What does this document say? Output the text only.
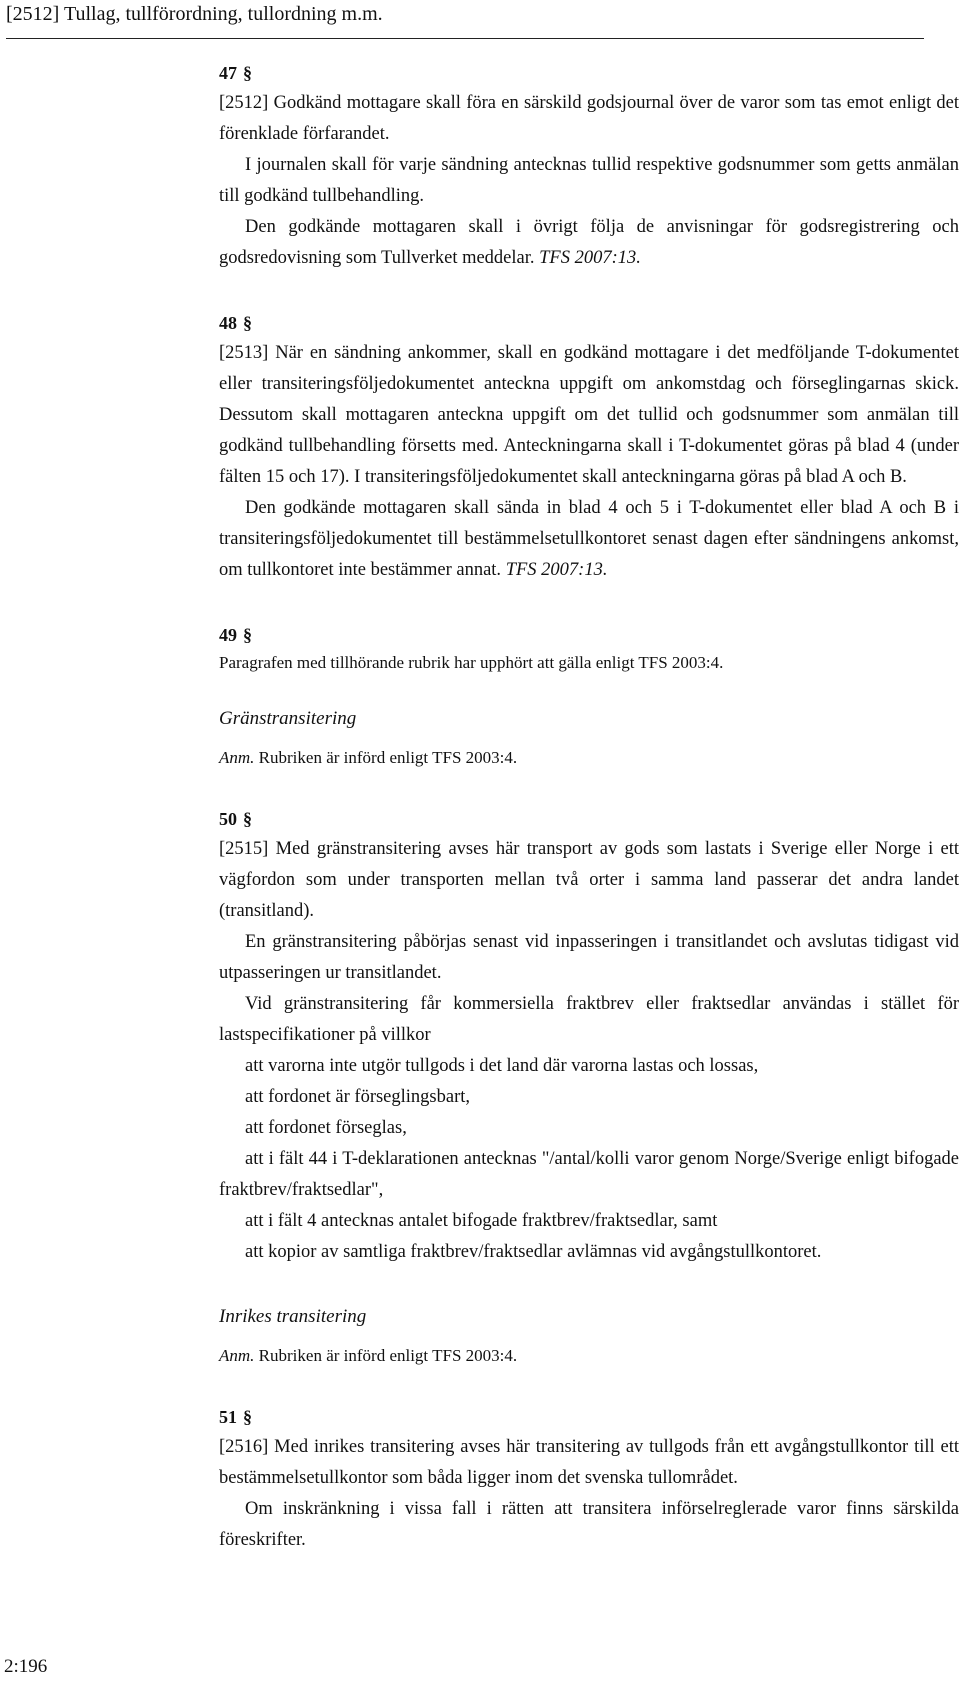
[2512] Tullag, tullförordning, tullordning m.m.
47 §

[2512] Godkänd mottagare skall föra en särskild godsjournal över de varor som tas emot enligt det förenklade förfarandet.

I journalen skall för varje sändning antecknas tullid respektive godsnummer som getts anmälan till godkänd tullbehandling.

Den godkände mottagaren skall i övrigt följa de anvisningar för godsregistrering och godsredovisning som Tullverket meddelar. TFS 2007:13.

48 §

[2513] När en sändning ankommer, skall en godkänd mottagare i det medföljande T-dokumentet eller transiteringsföljedokumentet anteckna uppgift om ankomstdag och förseglingarnas skick. Dessutom skall mottagaren anteckna uppgift om det tullid och godsnummer som anmälan till godkänd tullbehandling försetts med. Anteckningarna skall i T-dokumentet göras på blad 4 (under fälten 15 och 17). I transiteringsföljedokumentet skall anteckningarna göras på blad A och B.

Den godkände mottagaren skall sända in blad 4 och 5 i T-dokumentet eller blad A och B i transiteringsföljedokumentet till bestämmelsetullkontoret senast dagen efter sändningens ankomst, om tullkontoret inte bestämmer annat. TFS 2007:13.

49 §

Paragrafen med tillhörande rubrik har upphört att gälla enligt TFS 2003:4.

Gränstransitering

Anm. Rubriken är införd enligt TFS 2003:4.

50 §

[2515] Med gränstransitering avses här transport av gods som lastats i Sverige eller Norge i ett vägfordon som under transporten mellan två orter i samma land passerar det andra landet (transitland).

En gränstransitering påbörjas senast vid inpasseringen i transitlandet och avslutas tidigast vid utpasseringen ur transitlandet.

Vid gränstransitering får kommersiella fraktbrev eller fraktsedlar användas i stället för lastspecifikationer på villkor

att varorna inte utgör tullgods i det land där varorna lastas och lossas,

att fordonet är förseglingsbart,

att fordonet förseglas,

att i fält 44 i T-deklarationen antecknas "/antal/kolli varor genom Norge/Sverige enligt bifogade fraktbrev/fraktsedlar",

att i fält 4 antecknas antalet bifogade fraktbrev/fraktsedlar, samt

att kopior av samtliga fraktbrev/fraktsedlar avlämnas vid avgångstullkontoret.

Inrikes transitering

Anm. Rubriken är införd enligt TFS 2003:4.

51 §

[2516] Med inrikes transitering avses här transitering av tullgods från ett avgångstullkontor till ett bestämmelsetullkontor som båda ligger inom det svenska tullområdet.

Om inskränkning i vissa fall i rätten att transitera införselreglerade varor finns särskilda föreskrifter.

2:196
